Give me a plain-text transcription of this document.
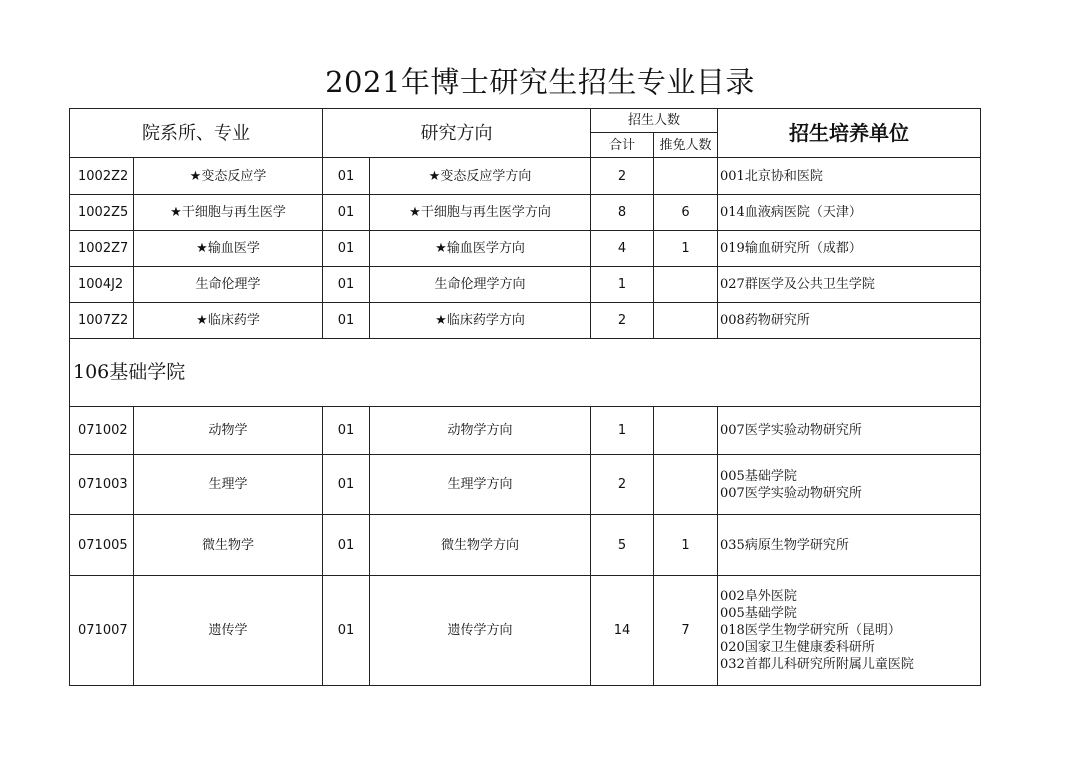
2021年博士研究生招生专业目录
院系所、专业		研究方向		招生人数		招生培养单位
				合计	推免人数	
1002Z2	★变态反应学	01	★变态反应学方向	2		001北京协和医院

1002Z5	★干细胞与再生医学	01	★干细胞与再生医学方向	8	6	014血液病医院（天津）

1002Z7	★输血医学	01	★输血医学方向	4	1	019输血研究所（成都）

1004J2	生命伦理学	01	生命伦理学方向	1		027群医学及公共卫生学院

1007Z2	★临床药学	01	★临床药学方向	2		008药物研究所

106基础学院						
071002	动物学	01	动物学方向	1		007医学实验动物研究所

071003	生理学	01	生理学方向	2		005基础学院
007医学实验动物研究所

071005	微生物学	01	微生物学方向	5	1	035病原生物学研究所

071007	遗传学	01	遗传学方向	14	7	002阜外医院
005基础学院
018医学生物学研究所（昆明）
020国家卫生健康委科研所
032首都儿科研究所附属儿童医院
